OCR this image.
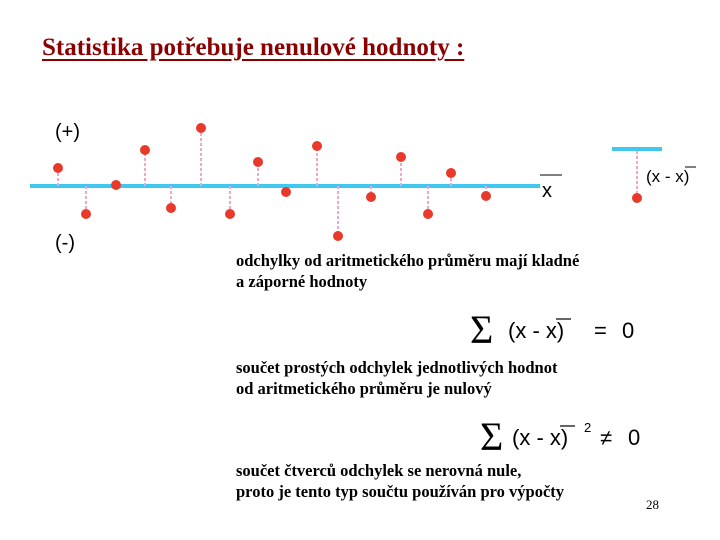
Statistika potřebuje nenulové hodnoty :
(+)
(-)
x
(x - x)
Σ (x - x) = 0
Σ (x - x) 2 ≠ 0
odchylky od aritmetického průměru mají kladné
a záporné hodnoty
součet prostých odchylek jednotlivých hodnot
od aritmetického průměru je nulový
součet čtverců odchylek se nerovná nule,
proto je tento typ součtu používán pro výpočty
28
